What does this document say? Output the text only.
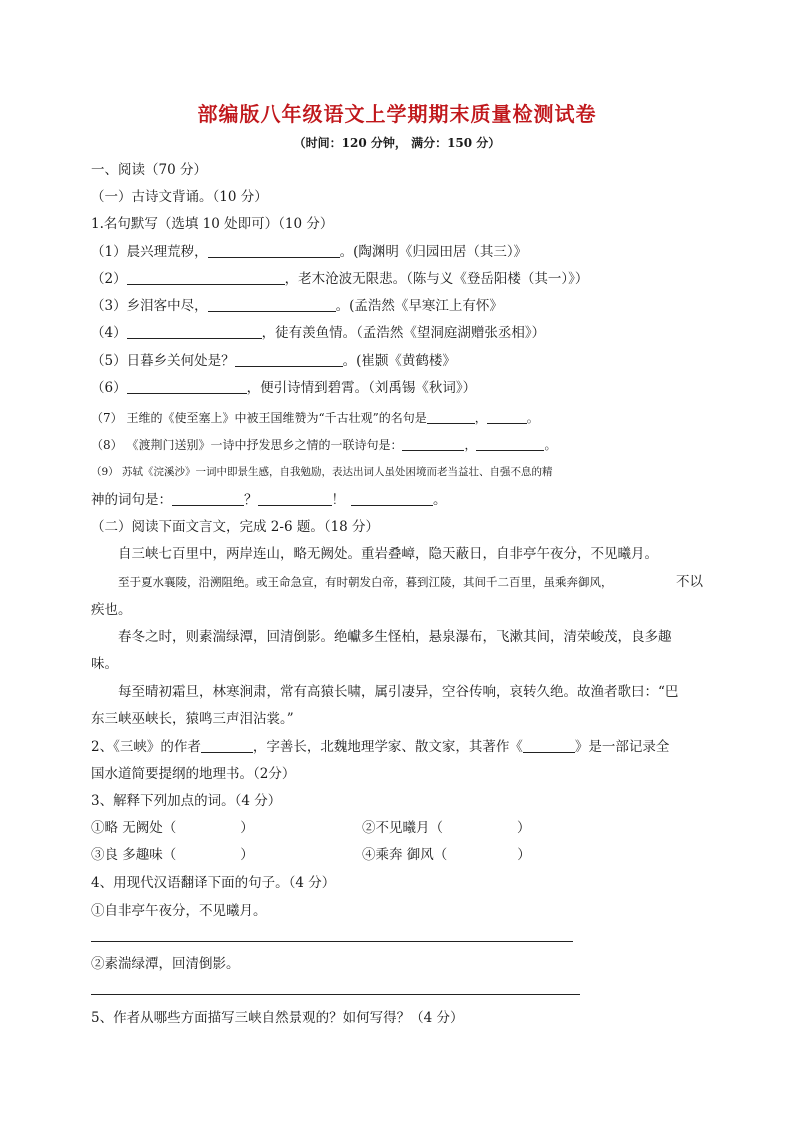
部编版八年级语文上学期期末质量检测试卷
（时间：120 分钟， 满分：150 分）
一、阅读（70 分）
（一）古诗文背诵。（10 分）
1.名句默写（选填 10 处即可）（10 分）
（1）晨兴理荒秽，	。(陶渊明《归园田居（其三）》
（2）	，老木沧波无限悲。（陈与义《登岳阳楼（其一）》）
（3）乡泪客中尽，	。(孟浩然《早寒江上有怀》
（4）	，徒有羡鱼情。（孟浩然《望洞庭湖赠张丞相》）
（5）日暮乡关何处是？	。(崔颢《黄鹤楼》
（6）	，便引诗情到碧霄。（刘禹锡《秋词》）
（7） 王维的《使至塞上》中被王国维赞为“千古壮观”的名句是	，	。
（8） 《渡荆门送别》一诗中抒发思乡之情的一联诗句是：	，	。
（9） 苏轼《浣溪沙》一词中即景生感，自我勉励，表达出词人虽处困境而老当益壮、自强不息的精
神的词句是：	？	！	。
（二）阅读下面文言文，完成 2-6 题。（18 分）
自三峡七百里中，两岸连山，略无阙处。重岩叠嶂，隐天蔽日，自非亭午夜分，不见曦月。
至于夏水襄陵，沿溯阻绝。或王命急宣，有时朝发白帝，暮到江陵，其间千二百里，虽乘奔御风，	不以
疾也。
春冬之时，则素湍绿潭，回清倒影。绝巘多生怪柏，悬泉瀑布，飞漱其间，清荣峻茂，良多趣
味。
每至晴初霜旦，林寒涧肃，常有高猿长啸，属引凄异，空谷传响，哀转久绝。故渔者歌曰：“巴
东三峡巫峡长，猿鸣三声泪沾裳。”
2、《三峡》的作者	，字善长，北魏地理学家、散文家，其著作《	》是一部记录全
国水道简要提纲的地理书。（2分）
3、解释下列加点的词。（4 分）
①略 无阙处（	）	②不见曦月（	）
③良 多趣味（	）	④乘奔 御风（	）
4、用现代汉语翻译下面的句子。（4 分）
①自非亭午夜分，不见曦月。
②素湍绿潭，回清倒影。
5、作者从哪些方面描写三峡自然景观的？如何写得？（4 分）
